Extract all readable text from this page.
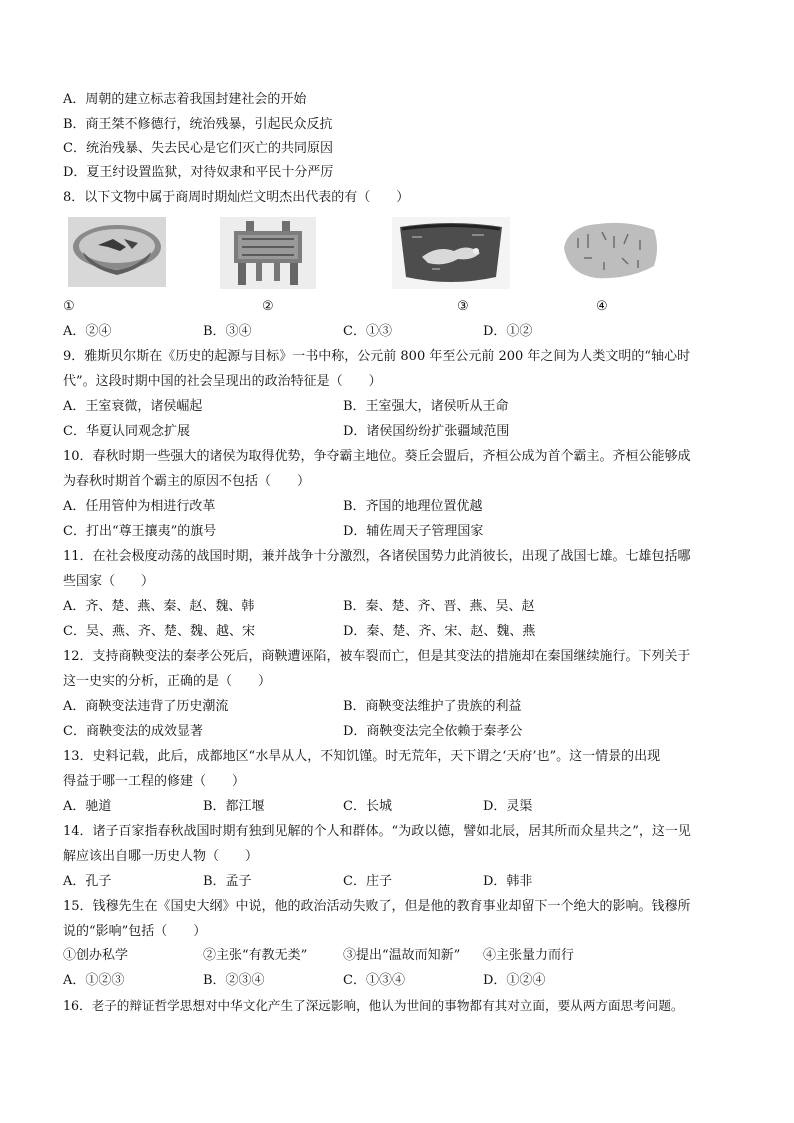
A．周朝的建立标志着我国封建社会的开始
B．商王桀不修德行，统治残暴，引起民众反抗
C．统治残暴、失去民心是它们灭亡的共同原因
D．夏王纣设置监狱，对待奴隶和平民十分严厉
8．以下文物中属于商周时期灿烂文明杰出代表的有（　　）
①	②	③	④
A．②④	B．③④	C．①③	D．①②
9．雅斯贝尔斯在《历史的起源与目标》一书中称，公元前 800 年至公元前 200 年之间为人类文明的“轴心时
代”。这段时期中国的社会呈现出的政治特征是（　　）
A．王室衰微，诸侯崛起	B．王室强大，诸侯听从王命
C．华夏认同观念扩展	D．诸侯国纷纷扩张疆域范围
10．春秋时期一些强大的诸侯为取得优势，争夺霸主地位。葵丘会盟后，齐桓公成为首个霸主。齐桓公能够成
为春秋时期首个霸主的原因不包括（　　）
A．任用管仲为相进行改革	B．齐国的地理位置优越
C．打出“尊王攘夷”的旗号	D．辅佐周天子管理国家
11．在社会极度动荡的战国时期，兼并战争十分激烈，各诸侯国势力此消彼长，出现了战国七雄。七雄包括哪
些国家（　　）
A．齐、楚、燕、秦、赵、魏、韩	B．秦、楚、齐、晋、燕、吴、赵
C．吴、燕、齐、楚、魏、越、宋	D．秦、楚、齐、宋、赵、魏、燕
12．支持商鞅变法的秦孝公死后，商鞅遭诬陷，被车裂而亡，但是其变法的措施却在秦国继续施行。下列关于
这一史实的分析，正确的是（　　）
A．商鞅变法违背了历史潮流	B．商鞅变法维护了贵族的利益
C．商鞅变法的成效显著	D．商鞅变法完全依赖于秦孝公
13．史料记载，此后，成都地区“水旱从人，不知饥馑。时无荒年，天下谓之‘天府’也”。这一情景的出现
得益于哪一工程的修建（　　）
A．驰道	B．都江堰	C．长城	D．灵渠
14．诸子百家指春秋战国时期有独到见解的个人和群体。“为政以德，譬如北辰，居其所而众星共之”，这一见
解应该出自哪一历史人物（　　）
A．孔子	B．孟子	C．庄子	D．韩非
15．钱穆先生在《国史大纲》中说，他的政治活动失败了，但是他的教育事业却留下一个绝大的影响。钱穆所
说的“影响”包括（　　）
①创办私学	②主张“有教无类”	③提出“温故而知新” ④主张量力而行
A．①②③	B．②③④	C．①③④	D．①②④
16．老子的辩证哲学思想对中华文化产生了深远影响，他认为世间的事物都有其对立面，要从两方面思考问题。
